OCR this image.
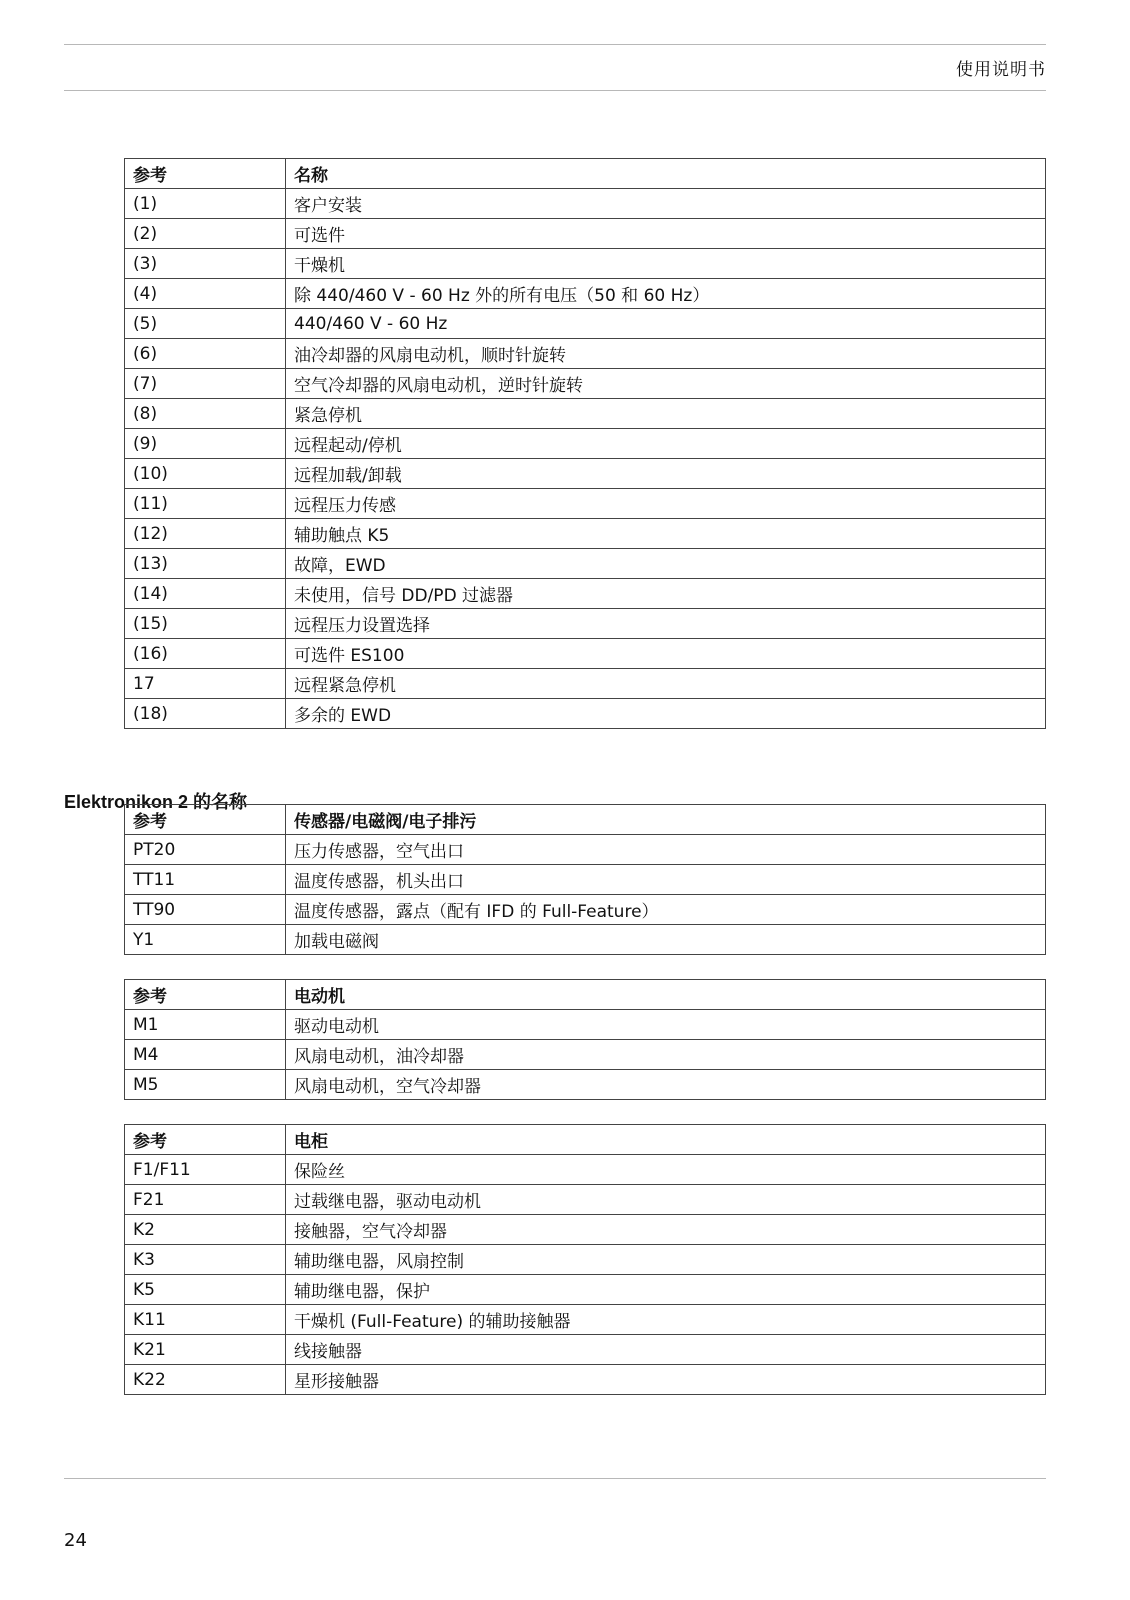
使用说明书
参考	名称
(1)	客户安装
(2)	可选件
(3)	干燥机
(4)	除 440/460 V - 60 Hz 外的所有电压（50 和 60 Hz）
(5)	440/460 V - 60 Hz
(6)	油冷却器的风扇电动机，顺时针旋转
(7)	空气冷却器的风扇电动机，逆时针旋转
(8)	紧急停机
(9)	远程起动/停机
(10)	远程加载/卸载
(11)	远程压力传感
(12)	辅助触点 K5
(13)	故障，EWD
(14)	未使用，信号 DD/PD 过滤器
(15)	远程压力设置选择
(16)	可选件 ES100
17	远程紧急停机
(18)	多余的 EWD
Elektronikon 2 的名称
参考	传感器/电磁阀/电子排污
PT20	压力传感器，空气出口
TT11	温度传感器，机头出口
TT90	温度传感器，露点（配有 IFD 的 Full-Feature）
Y1	加载电磁阀
参考	电动机
M1	驱动电动机
M4	风扇电动机，油冷却器
M5	风扇电动机，空气冷却器
参考	电柜
F1/F11	保险丝
F21	过载继电器，驱动电动机
K2	接触器，空气冷却器
K3	辅助继电器，风扇控制
K5	辅助继电器，保护
K11	干燥机 (Full-Feature) 的辅助接触器
K21	线接触器
K22	星形接触器
24
